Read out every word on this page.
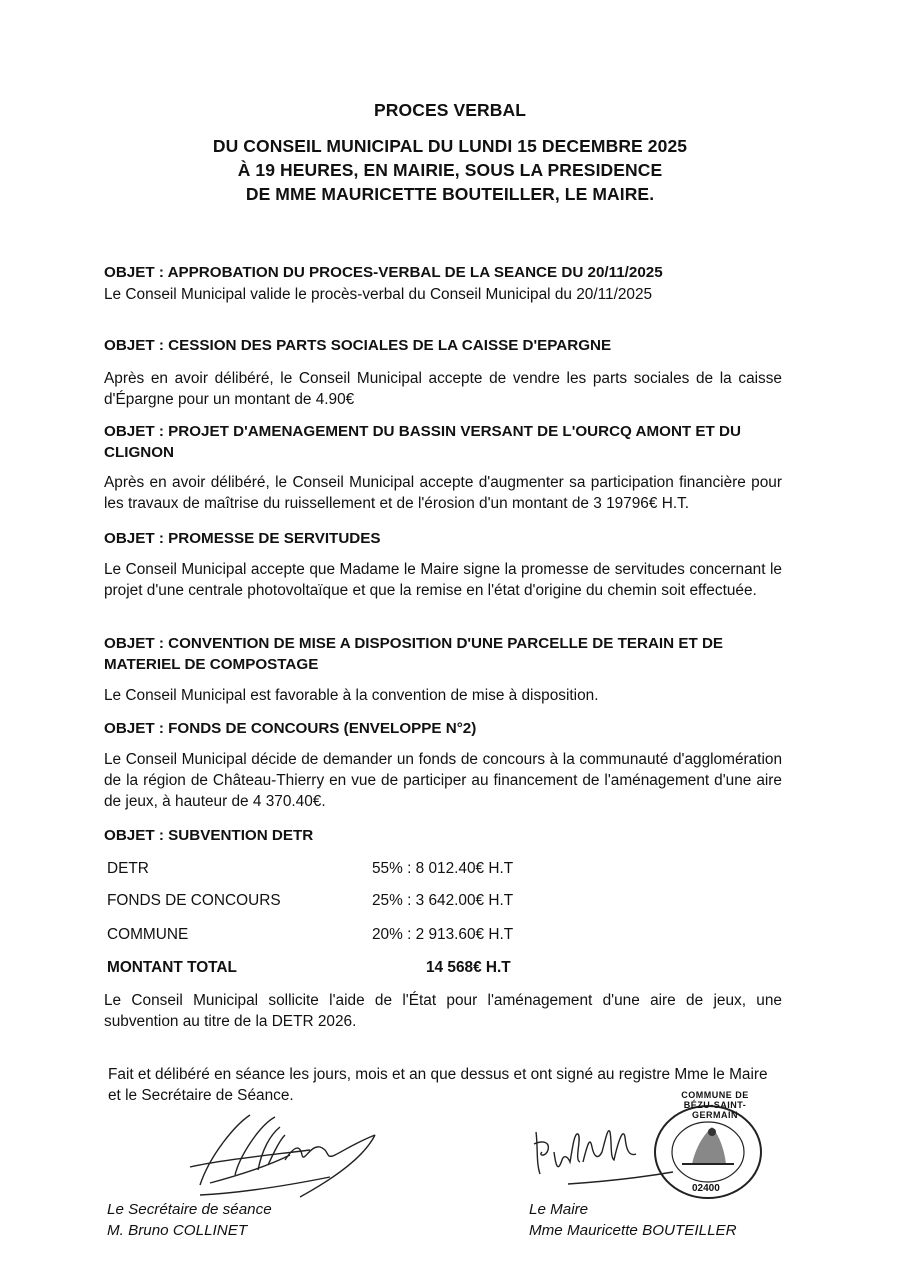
PROCES VERBAL
DU CONSEIL MUNICIPAL DU LUNDI 15 DECEMBRE 2025
À 19 HEURES, EN MAIRIE, SOUS LA PRESIDENCE
DE MME MAURICETTE BOUTEILLER, LE MAIRE.
OBJET : APPROBATION DU PROCES-VERBAL DE LA SEANCE DU 20/11/2025
Le Conseil Municipal valide le procès-verbal du Conseil Municipal du 20/11/2025
OBJET : CESSION DES PARTS SOCIALES DE LA CAISSE D'EPARGNE
Après en avoir délibéré, le Conseil Municipal accepte de vendre les parts sociales de la caisse d'Épargne pour un montant de 4.90€
OBJET : PROJET D'AMENAGEMENT DU BASSIN VERSANT DE L'OURCQ AMONT ET DU CLIGNON
Après en avoir délibéré, le Conseil Municipal accepte d'augmenter sa participation financière pour les travaux de maîtrise du ruissellement et de l'érosion d'un montant de 3 19796€ H.T.
OBJET : PROMESSE DE SERVITUDES
Le Conseil Municipal accepte que Madame le Maire signe la promesse de servitudes concernant le projet d'une centrale photovoltaïque et que la remise en l'état d'origine du chemin soit effectuée.
OBJET : CONVENTION DE MISE A DISPOSITION D'UNE PARCELLE DE TERAIN ET DE MATERIEL DE COMPOSTAGE
Le Conseil Municipal est favorable à la convention de mise à disposition.
OBJET : FONDS DE CONCOURS (ENVELOPPE N°2)
Le Conseil Municipal décide de demander un fonds de concours à la communauté d'agglomération de la région de Château-Thierry en vue de participer au financement de l'aménagement d'une aire de jeux, à hauteur de 4 370.40€.
OBJET : SUBVENTION DETR
DETR	55% : 8 012.40€ H.T
FONDS DE CONCOURS	25% : 3 642.00€ H.T
COMMUNE	20% : 2 913.60€ H.T
MONTANT TOTAL	14 568€ H.T
Le Conseil Municipal sollicite l'aide de l'État pour l'aménagement d'une aire de jeux, une subvention au titre de la DETR 2026.
Fait et délibéré en séance les jours, mois et an que dessus et ont signé au registre Mme le Maire et le Secrétaire de Séance.	COMMUNE DE BÉZU-SAINT-GERMAIN
02400
Le Secrétaire de séance
M. Bruno COLLINET
Le Maire
Mme Mauricette BOUTEILLER
